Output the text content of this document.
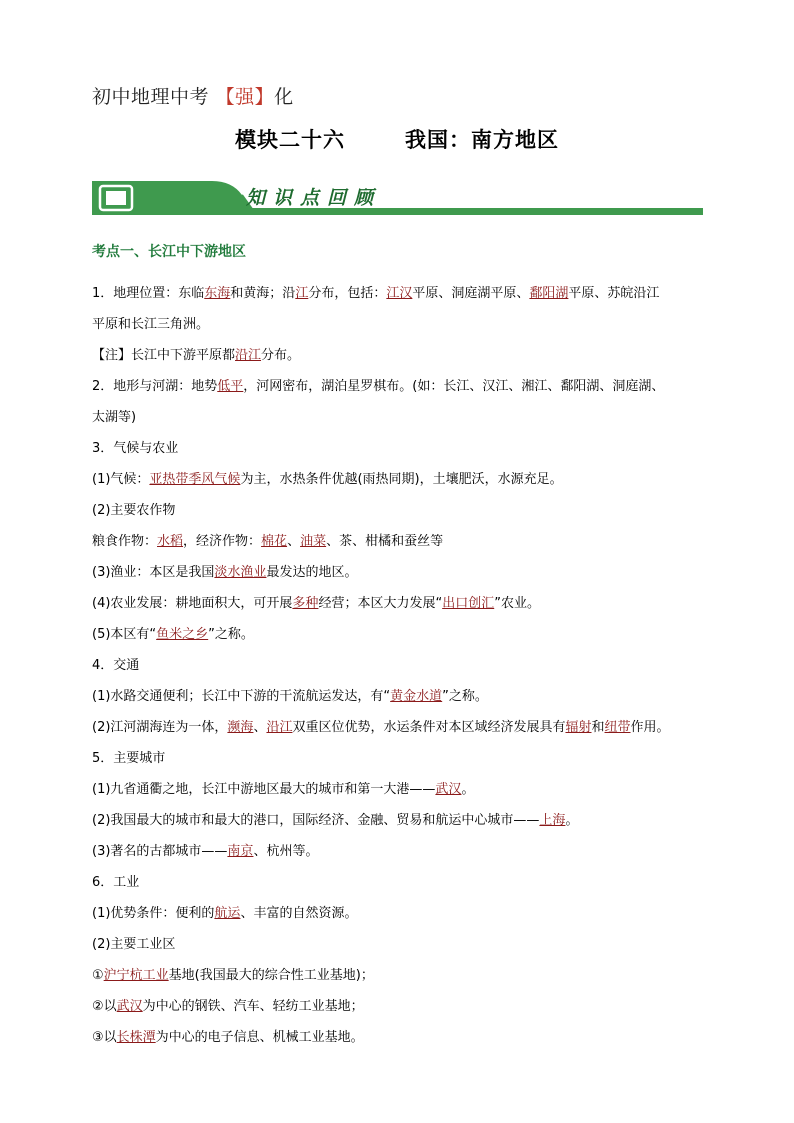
初中地理中考 【强】化
模块二十六	我国：南方地区
知识点回顾
考点一、长江中下游地区

1．地理位置：东临东海和黄海；沿江分布，包括：江汉平原、洞庭湖平原、鄱阳湖平原、苏皖沿江

平原和长江三角洲。

【注】长江中下游平原都沿江分布。

2．地形与河湖：地势低平，河网密布，湖泊星罗棋布。(如：长江、汉江、湘江、鄱阳湖、洞庭湖、

太湖等)

3．气候与农业

(1)气候：亚热带季风气候为主，水热条件优越(雨热同期)，土壤肥沃，水源充足。

(2)主要农作物

粮食作物：水稻，经济作物：棉花、油菜、茶、柑橘和蚕丝等

(3)渔业：本区是我国淡水渔业最发达的地区。

(4)农业发展：耕地面积大，可开展多种经营；本区大力发展“出口创汇”农业。

(5)本区有“鱼米之乡”之称。

4．交通

(1)水路交通便利；长江中下游的干流航运发达，有“黄金水道”之称。

(2)江河湖海连为一体，濒海、沿江双重区位优势，水运条件对本区域经济发展具有辐射和纽带作用。

5．主要城市

(1)九省通衢之地，长江中游地区最大的城市和第一大港——武汉。

(2)我国最大的城市和最大的港口，国际经济、金融、贸易和航运中心城市——上海。

(3)著名的古都城市——南京、杭州等。

6．工业

(1)优势条件：便利的航运、丰富的自然资源。

(2)主要工业区

①沪宁杭工业基地(我国最大的综合性工业基地)；

②以武汉为中心的钢铁、汽车、轻纺工业基地；

③以长株潭为中心的电子信息、机械工业基地。
